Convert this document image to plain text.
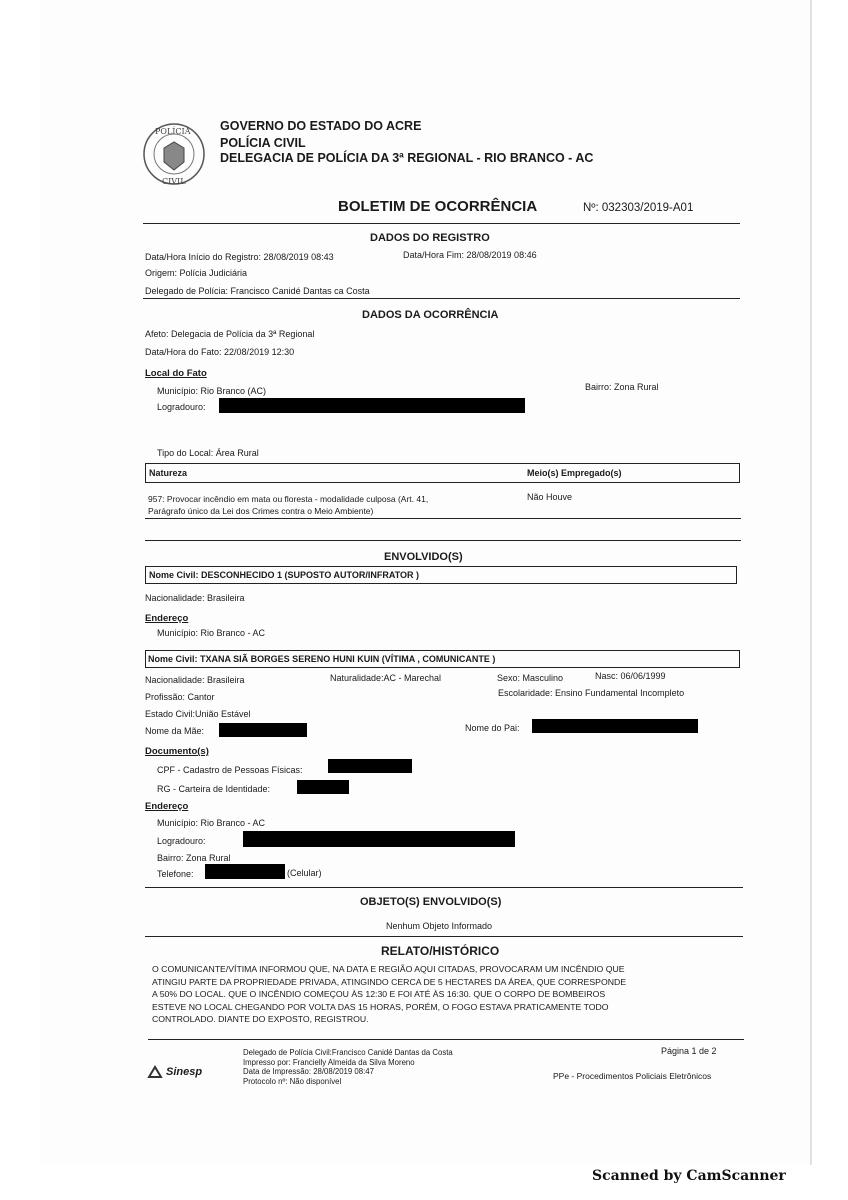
POLÍCIA
CIVIL
GOVERNO DO ESTADO DO ACRE
POLÍCIA CIVIL
DELEGACIA DE POLÍCIA DA 3ª REGIONAL - RIO BRANCO - AC
BOLETIM DE OCORRÊNCIA	Nº: 032303/2019-A01
DADOS DO REGISTRO
Data/Hora Início do Registro: 28/08/2019 08:43	Data/Hora Fim: 28/08/2019 08:46
Origem: Polícia Judiciária
Delegado de Polícia: Francisco Canidé Dantas ca Costa
DADOS DA OCORRÊNCIA
Afeto: Delegacia de Polícia da 3ª Regional
Data/Hora do Fato: 22/08/2019 12:30
Local do Fato
Município: Rio Branco (AC)	Bairro: Zona Rural
Logradouro:
Tipo do Local: Área Rural
Natureza	Meio(s) Empregado(s)
957: Provocar incêndio em mata ou floresta - modalidade culposa (Art. 41,
Parágrafo único da Lei dos Crimes contra o Meio Ambiente)
Não Houve
ENVOLVIDO(S)
Nome Civil: DESCONHECIDO 1 (SUPOSTO AUTOR/INFRATOR )
Nacionalidade: Brasileira
Endereço
Município: Rio Branco - AC
Nome Civil: TXANA SIÃ BORGES SERENO HUNI KUIN (VÍTIMA , COMUNICANTE )
Nacionalidade: Brasileira	Naturalidade:AC - Marechal	Sexo: Masculino	Nasc: 06/06/1999
Profissão: Cantor	Escolaridade: Ensino Fundamental Incompleto
Estado Civil:União Estável
Nome da Mãe:	Nome do Pai:
Documento(s)
CPF - Cadastro de Pessoas Físicas:
RG - Carteira de Identidade:
Endereço
Município: Rio Branco - AC
Logradouro:
Bairro: Zona Rural
Telefone:	(Celular)
OBJETO(S) ENVOLVIDO(S)
Nenhum Objeto Informado
RELATO/HISTÓRICO
O COMUNICANTE/VÍTIMA INFORMOU QUE, NA DATA E REGIÃO AQUI CITADAS, PROVOCARAM UM INCÊNDIO QUE
ATINGIU PARTE DA PROPRIEDADE PRIVADA, ATINGINDO CERCA DE 5 HECTARES DA ÁREA, QUE CORRESPONDE
A 50% DO LOCAL. QUE O INCÊNDIO COMEÇOU ÀS 12:30 E FOI ATÉ ÀS 16:30. QUE O CORPO DE BOMBEIROS
ESTEVE NO LOCAL CHEGANDO POR VOLTA DAS 15 HORAS, PORÉM, O FOGO ESTAVA PRATICAMENTE TODO
CONTROLADO. DIANTE DO EXPOSTO, REGISTROU.
Sinesp
Delegado de Polícia Civil:Francisco Canidé Dantas da Costa
Impresso por: Francielly Almeida da Silva Moreno
Data de Impressão: 28/08/2019 08:47
Protocolo nº: Não disponível
Página 1 de 2
PPe - Procedimentos Policiais Eletrônicos
Scanned by CamScanner
